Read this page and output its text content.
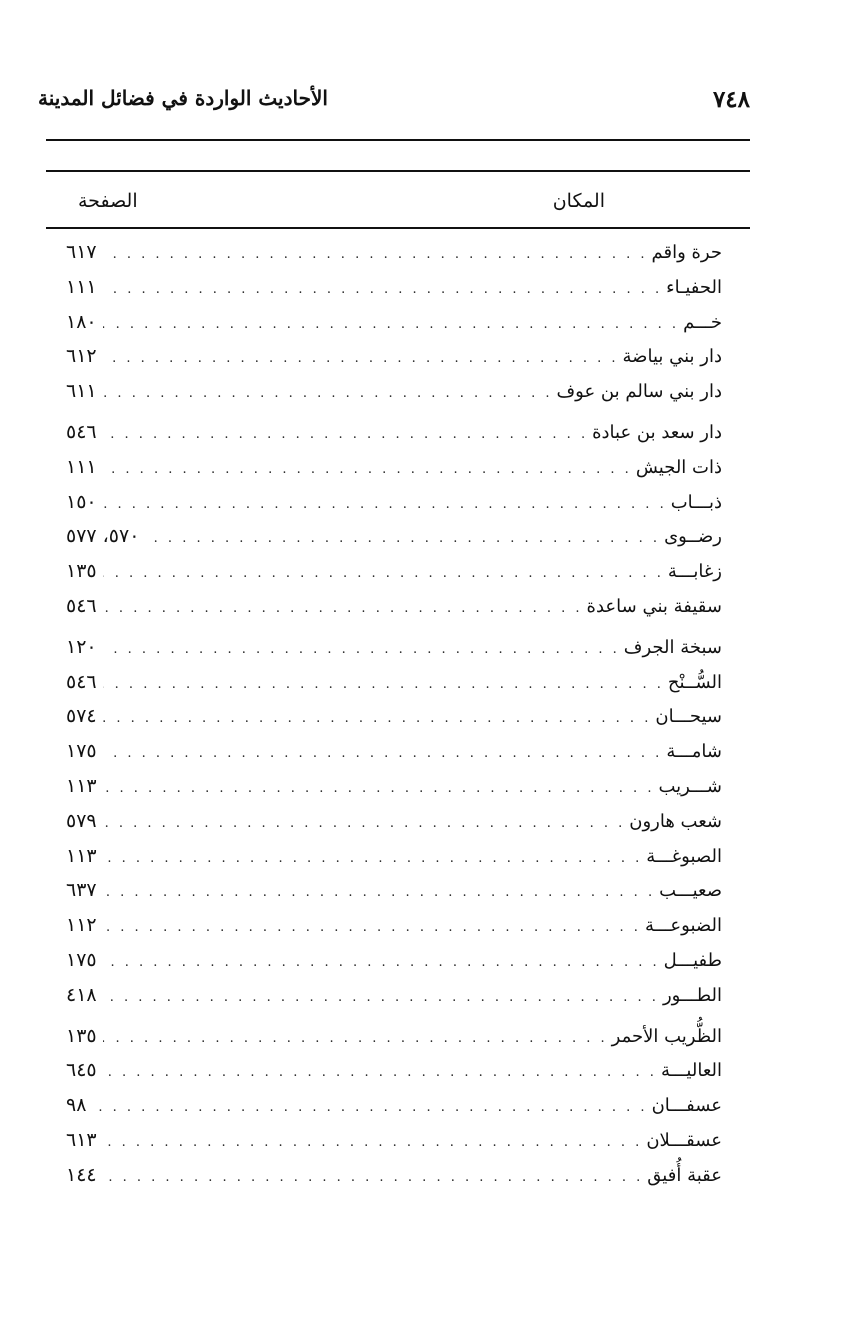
٧٤٨
الأحاديث الواردة في فضائل المدينة
المكان
الصفحة
حرة واقم
. . .
٦١٧
الحفيـاء
. . .
١١١
خـــم
. . .
١٨٠
دار بني بياضة
. . .
٦١٢
دار بني سالم بن عوف
. . .
٦١١
دار سعد بن عبادة
. . .
٥٤٦
ذات الجيش
. . .
١١١
ذبـــاب
. . .
١٥٠
رضــوى
. . .
٥٧٠، ٥٧٧
زغابـــة
. . .
١٣٥
سقيفة بني ساعدة
. . .
٥٤٦
سبخة الجرف
. . .
١٢٠
السُّــنْح
. . .
٥٤٦
سيحـــان
. . .
٥٧٤
شامـــة
. . .
١٧٥
شـــريب
. . .
١١٣
شعب هارون
. . .
٥٧٩
الصبوغـــة
. . .
١١٣
صعيـــب
. . .
٦٣٧
الضبوعـــة
. . .
١١٢
طفيـــل
. . .
١٧٥
الطـــور
. . .
٤١٨
الظُّريب الأحمر
. . .
١٣٥
العاليـــة
. . .
٦٤٥
عسفـــان
. . .
٩٨
عسقـــلان
. . .
٦١٣
عقبة أُفيق
. . .
١٤٤
